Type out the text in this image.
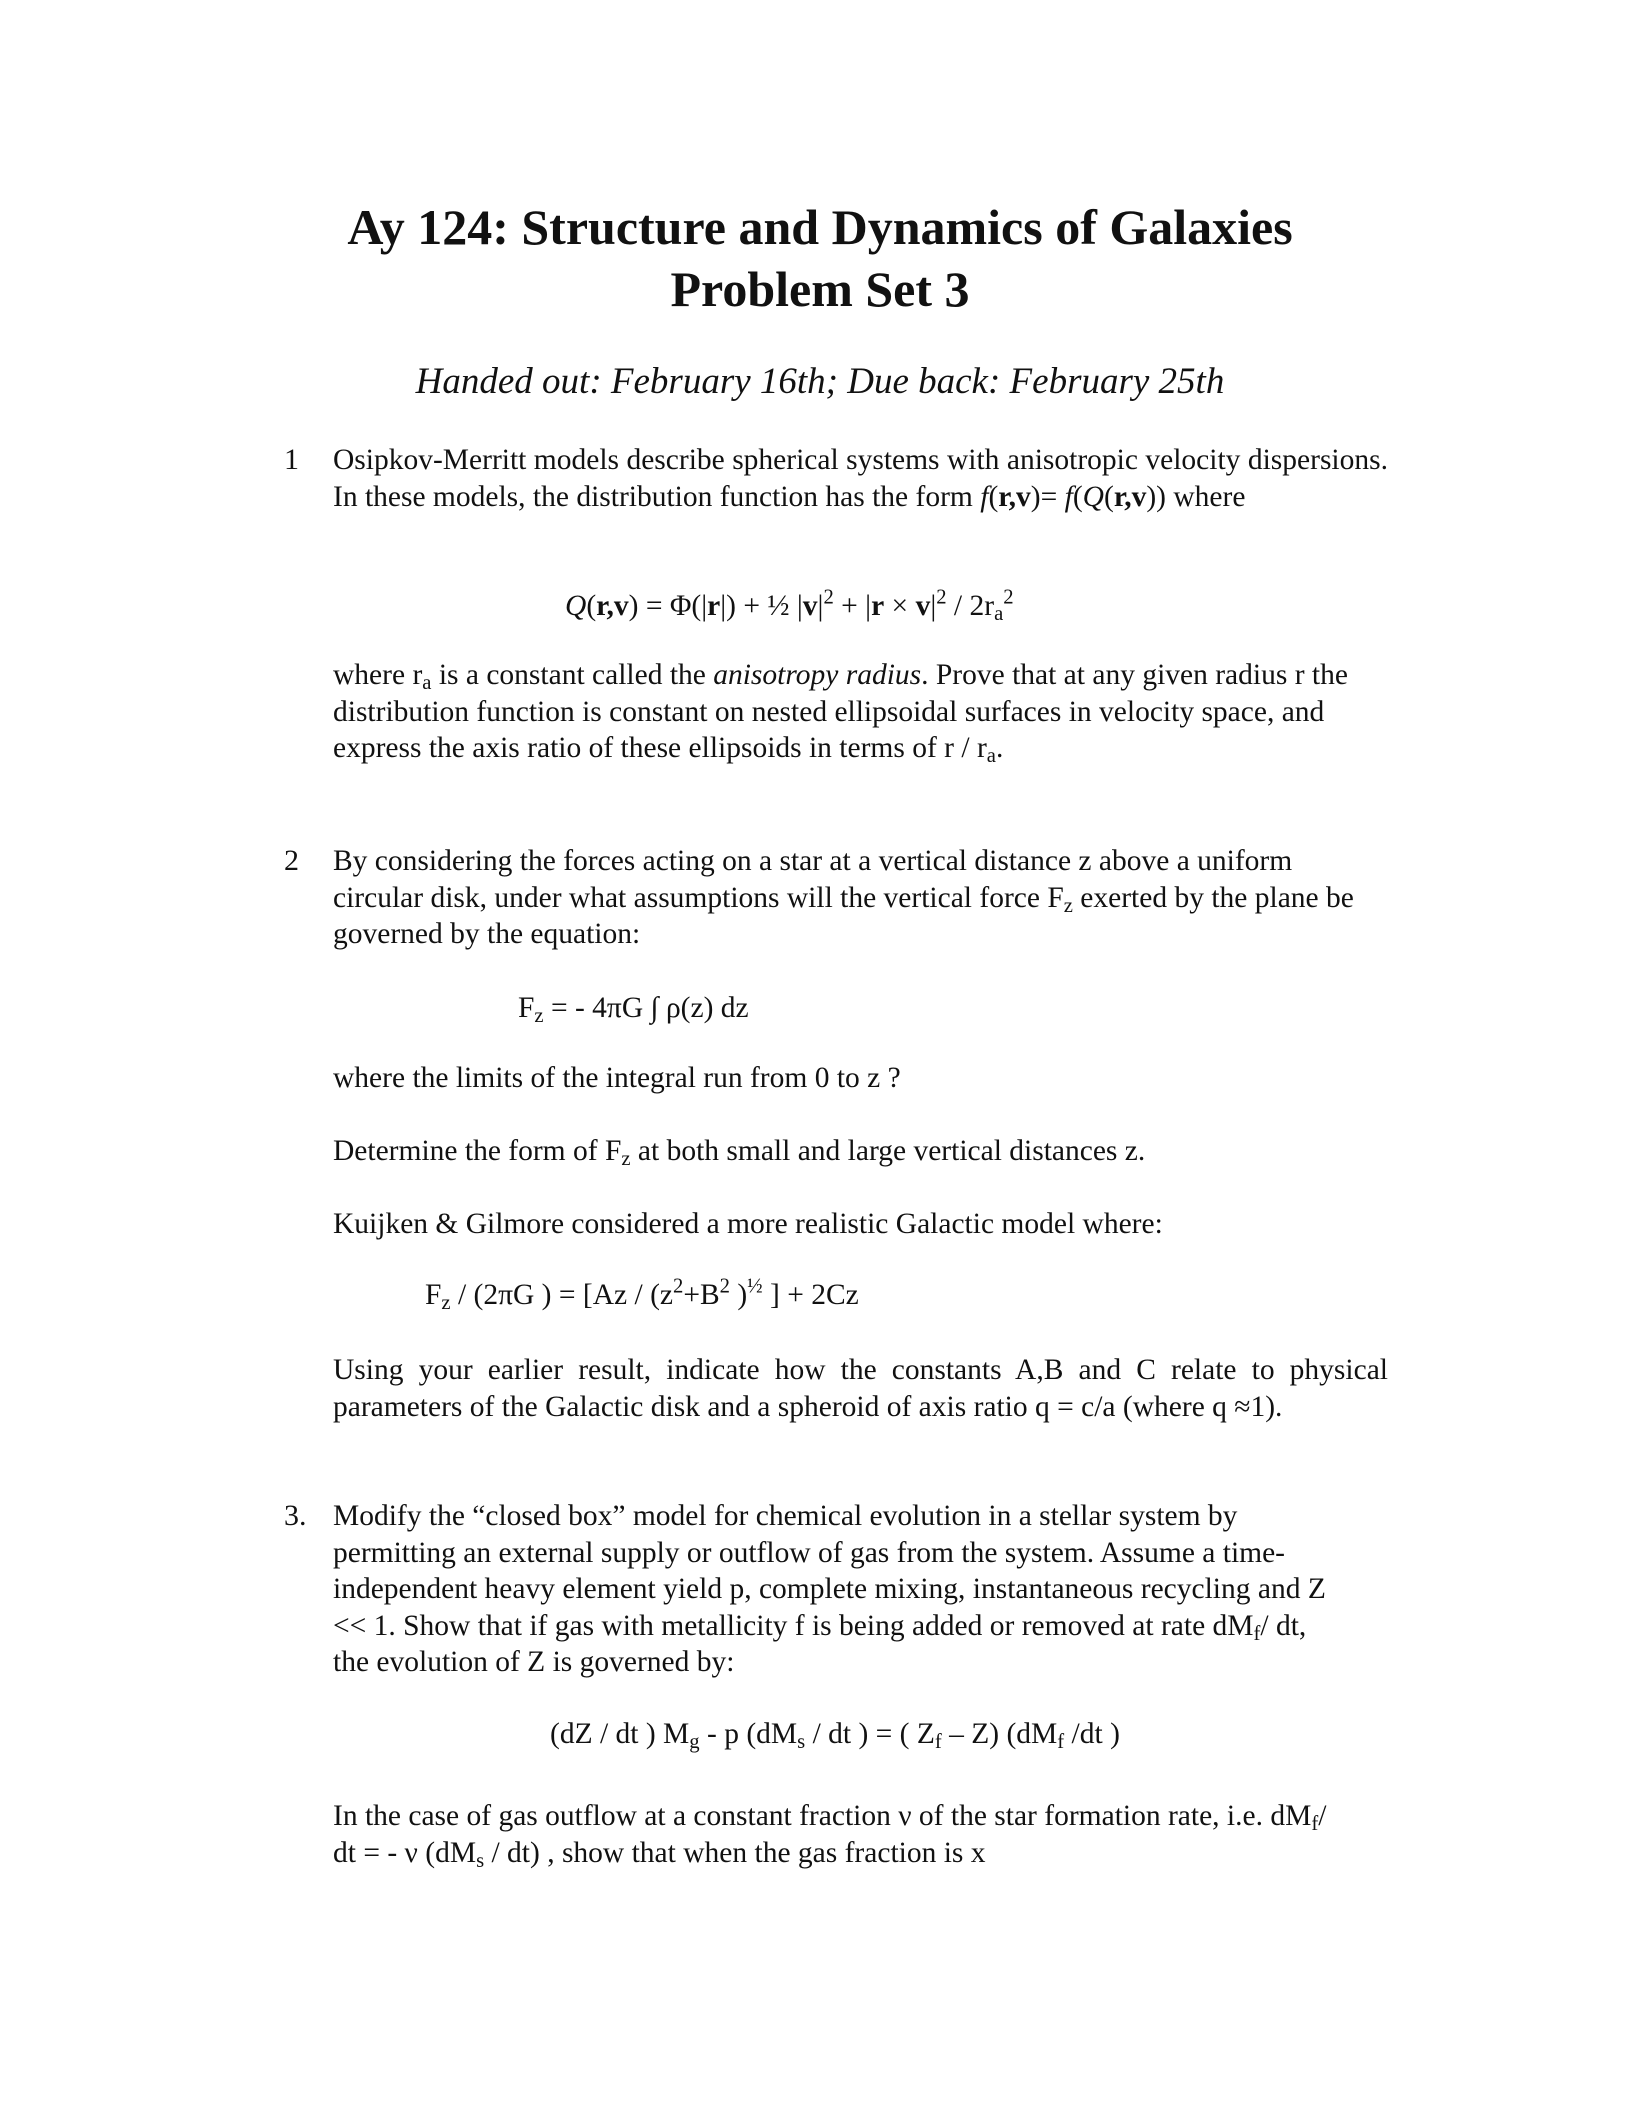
Ay 124: Structure and Dynamics of Galaxies
Problem Set 3
Handed out: February 16th; Due back: February 25th
1 Osipkov-Merritt models describe spherical systems with anisotropic velocity dispersions. In these models, the distribution function has the form f(r,v)= f(Q(r,v)) where

Q(r,v) = Φ(|r|) + ½ $|v|^2 + |r \times v|^2 / 2r_a^2$

where $r_a$ is a constant called the anisotropy radius. Prove that at any given radius r the distribution function is constant on nested ellipsoidal surfaces in velocity space, and express the axis ratio of these ellipsoids in terms of r / $r_a$.

2 By considering the forces acting on a star at a vertical distance z above a uniform circular disk, under what assumptions will the vertical force $F_z$ exerted by the plane be governed by the equation:

$F_z$ = - 4πG ∫ ρ(z) dz

where the limits of the integral run from 0 to z ?

Determine the form of $F_z$ at both small and large vertical distances z.

Kuijken & Gilmore considered a more realistic Galactic model where:

$F_z / (2\pi G$ ) = [$Az / (z^2+B^2$ )$^{\frac{1}{2}}$ ] + 2Cz

Using your earlier result, indicate how the constants A,B and C relate to physical parameters of the Galactic disk and a spheroid of axis ratio q = c/a (where q ≈1).

3. Modify the “closed box” model for chemical evolution in a stellar system by permitting an external supply or outflow of gas from the system. Assume a time-independent heavy element yield p, complete mixing, instantaneous recycling and Z << 1. Show that if gas with metallicity f is being added or removed at rate $dM_f/$ dt, the evolution of Z is governed by:

(dZ / dt ) $M_g$ - p ($dM_s$ / dt ) = ( $Z_f - Z$) ($dM_f$ /dt )

In the case of gas outflow at a constant fraction ν of the star formation rate, i.e. $dM_f/$ dt = - ν $(dM_s / dt)$ , show that when the gas fraction is x
